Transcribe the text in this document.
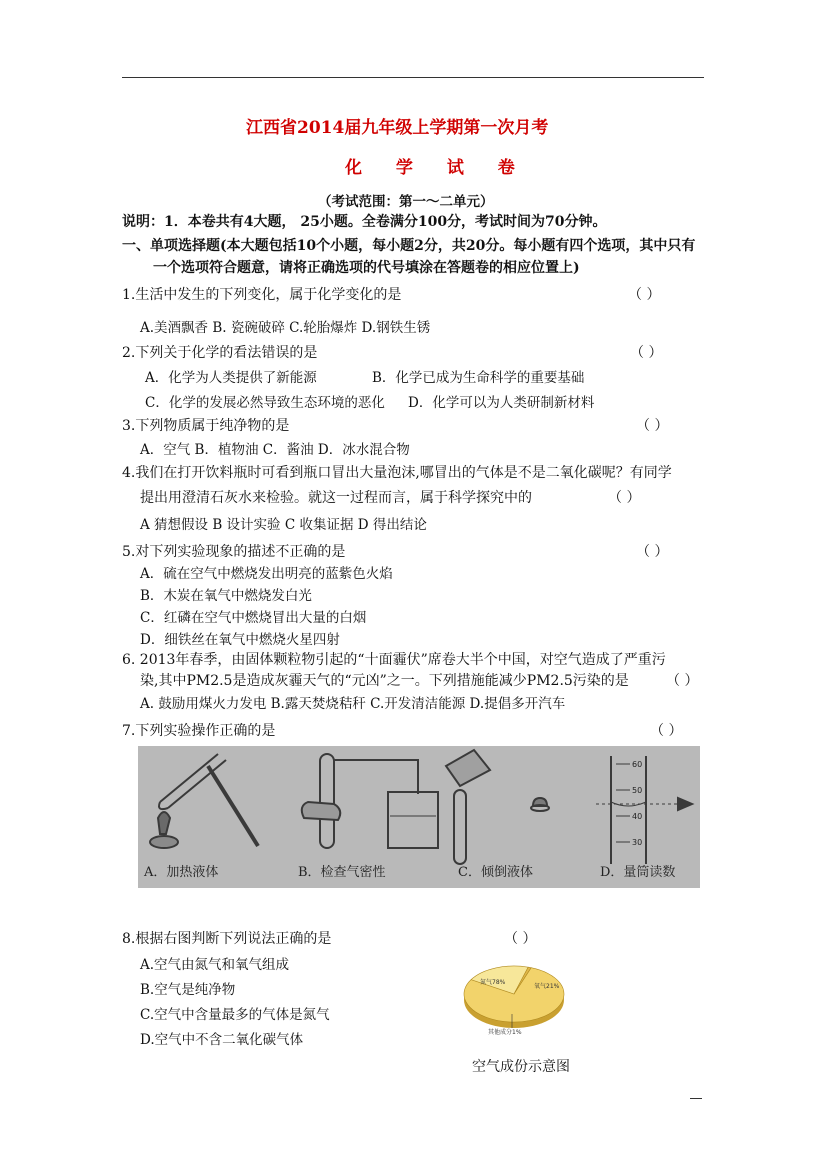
江西省2014届九年级上学期第一次月考
化 学 试 卷
（考试范围：第一～二单元）
说明：1．本卷共有4大题， 25小题。全卷满分100分，考试时间为70分钟。
一、单项选择题(本大题包括10个小题，每小题2分，共20分。每小题有四个选项，其中只有
一个选项符合题意，请将正确选项的代号填涂在答题卷的相应位置上)
1.生活中发生的下列变化，属于化学变化的是	（ ）
A.美酒飘香 B. 瓷碗破碎 C.轮胎爆炸 D.钢铁生锈
2.下列关于化学的看法错误的是	（ ）
A．化学为人类提供了新能源	B．化学已成为生命科学的重要基础
C．化学的发展必然导致生态环境的恶化 D．化学可以为人类研制新材料
3.下列物质属于纯净物的是	（ ）
A．空气 B．植物油 C．酱油 D．冰水混合物
4.我们在打开饮料瓶时可看到瓶口冒出大量泡沫,哪冒出的气体是不是二氧化碳呢？有同学
提出用澄清石灰水来检验。就这一过程而言，属于科学探究中的	（ ）
A 猜想假设 B 设计实验 C 收集证据 D 得出结论
5.对下列实验现象的描述不正确的是	（ ）
A．硫在空气中燃烧发出明亮的蓝紫色火焰
B．木炭在氧气中燃烧发白光
C．红磷在空气中燃烧冒出大量的白烟
D．细铁丝在氧气中燃烧火星四射
6. 2013年春季，由固体颗粒物引起的“十面霾伏”席卷大半个中国，对空气造成了严重污
染,其中PM2.5是造成灰霾天气的“元凶”之一。下列措施能减少PM2.5污染的是	（ ）
A. 鼓励用煤火力发电 B.露天焚烧秸秆 C.开发清洁能源 D.提倡多开汽车
7.下列实验操作正确的是	（ ）
60
50
40
30
A．加热液体	B．检查气密性	C．倾倒液体	D．量筒读数
8.根据右图判断下列说法正确的是	（ ）
A.空气由氮气和氧气组成
B.空气是纯净物
C.空气中含量最多的气体是氮气
D.空气中不含二氧化碳气体
氮气78%
氧气21%
其他成分1%
空气成份示意图
